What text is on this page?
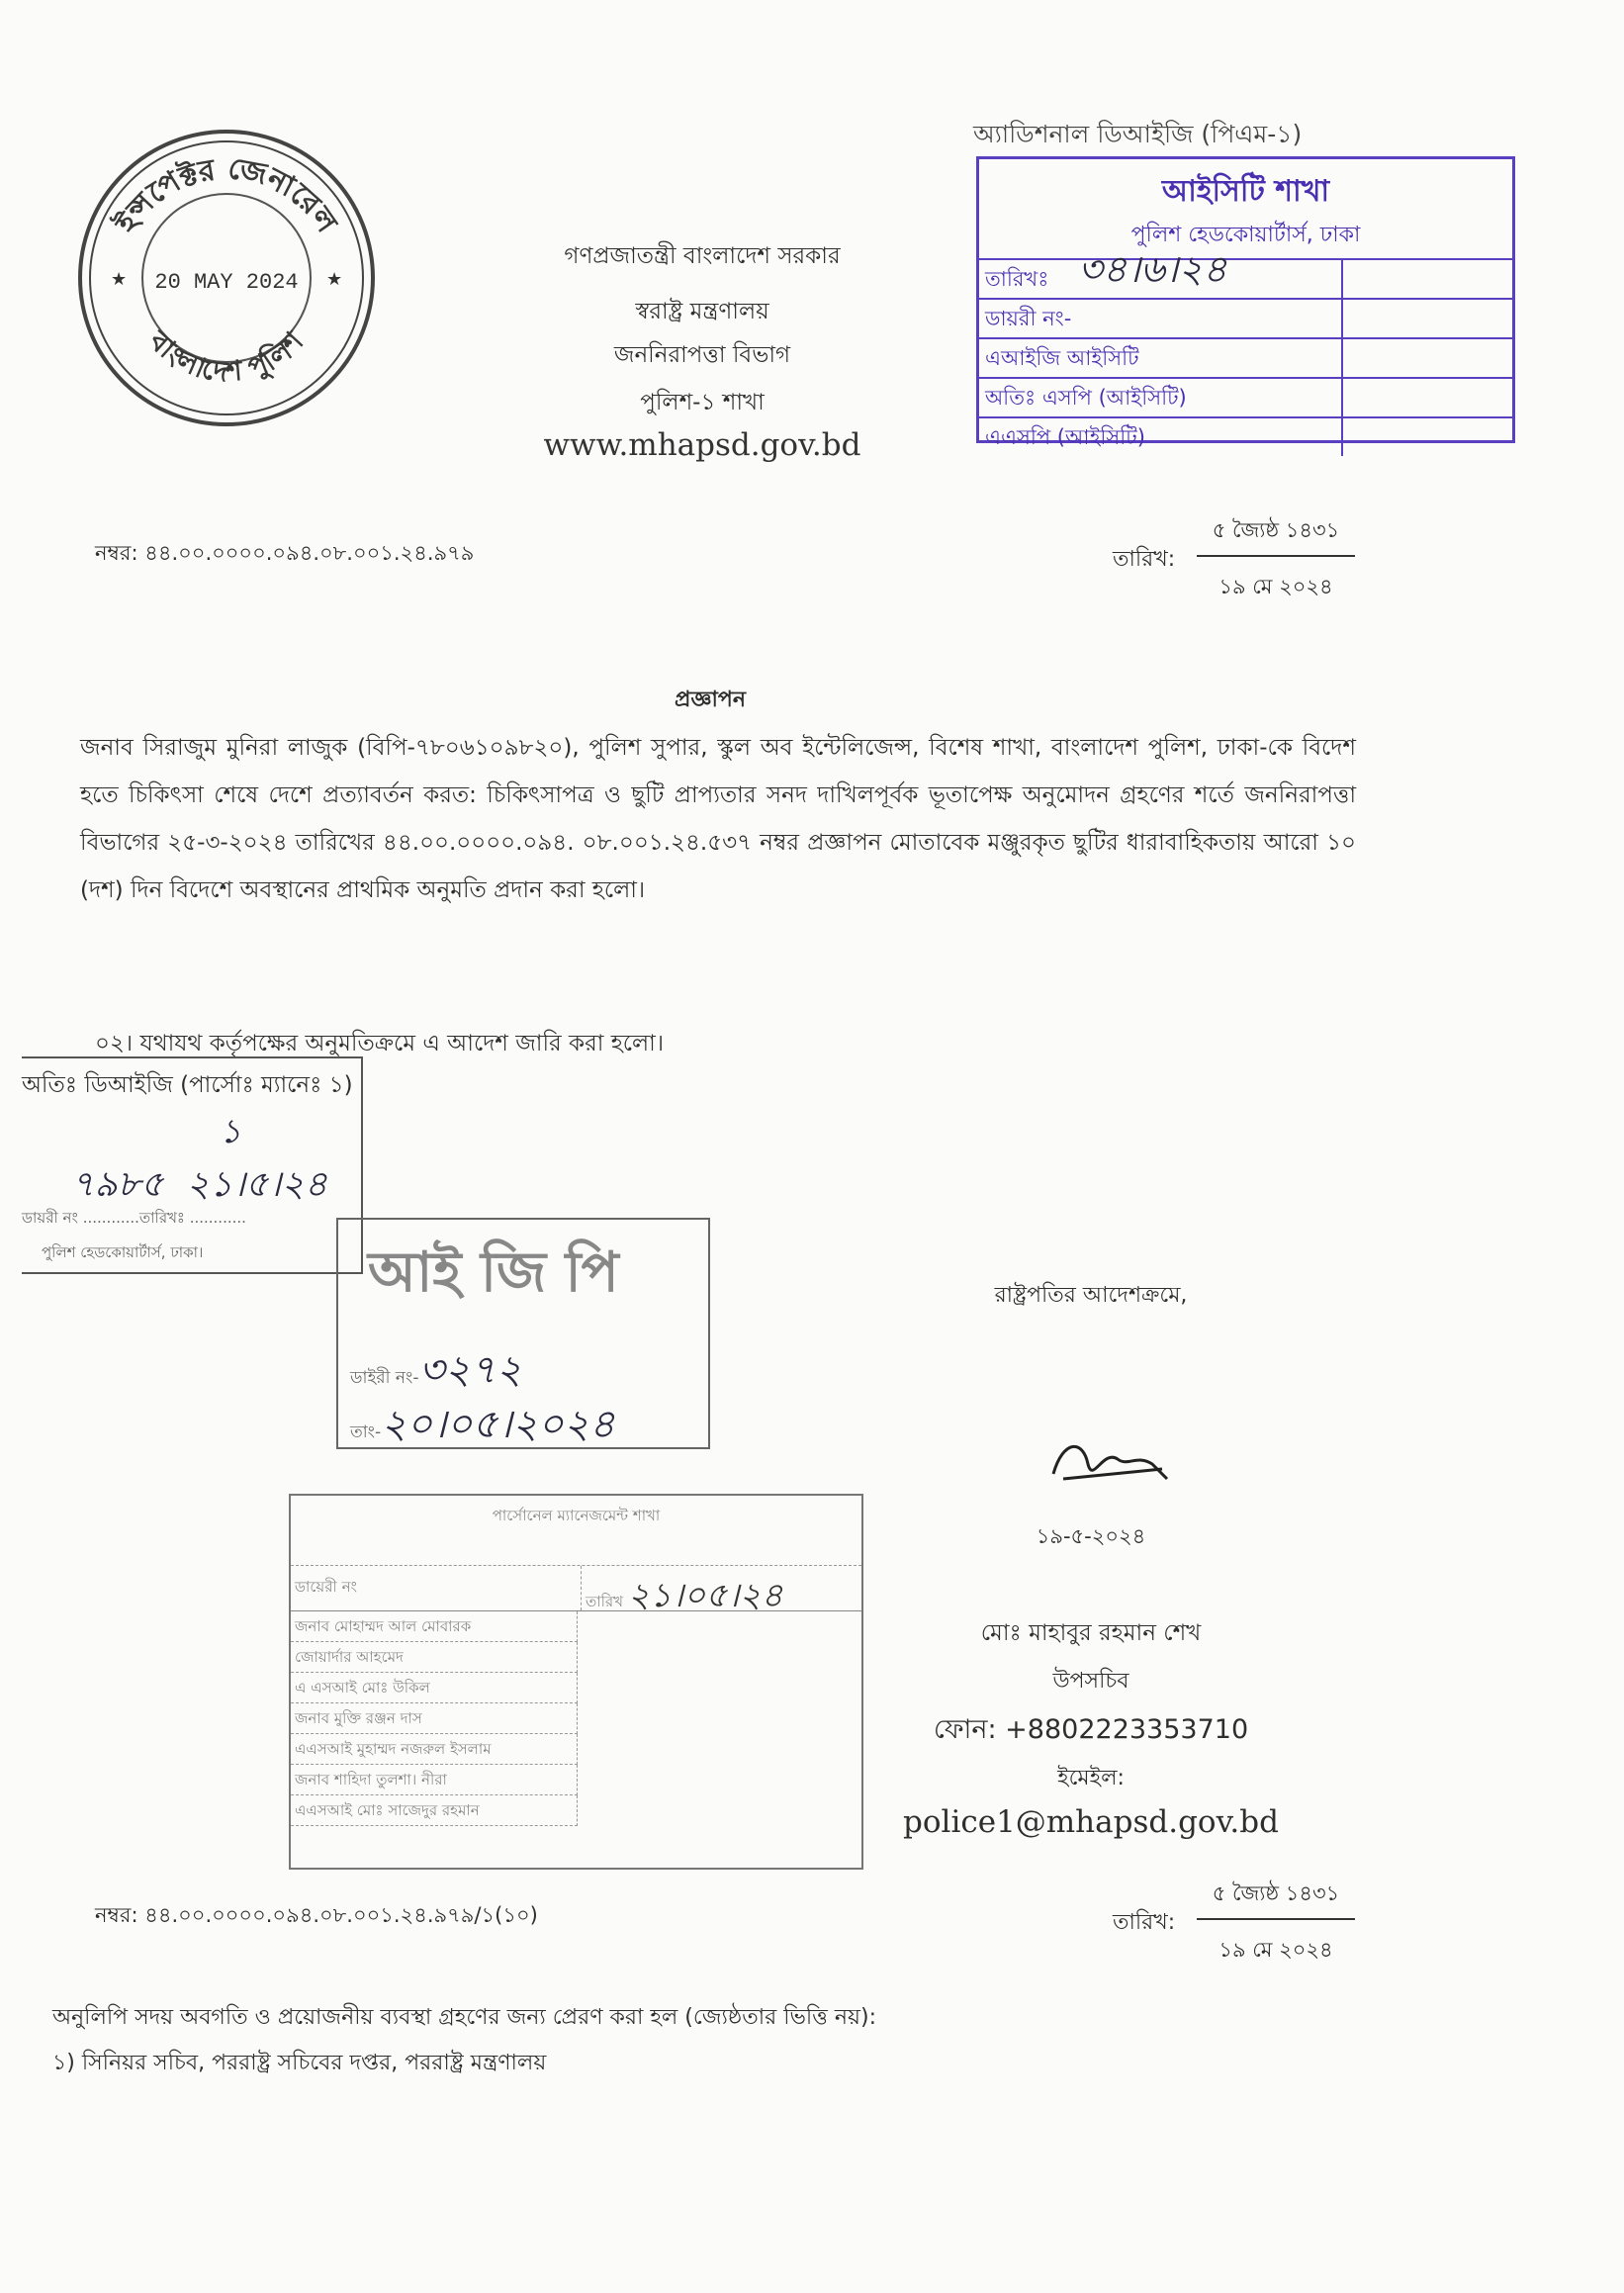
ইন্সপেক্টর জেনারেল
বাংলাদেশ পুলিশ
20 MAY 2024
★	★
গণপ্রজাতন্ত্রী বাংলাদেশ সরকার
স্বরাষ্ট্র মন্ত্রণালয়
জননিরাপত্তা বিভাগ
পুলিশ-১ শাখা
www.mhapsd.gov.bd
অ্যাডিশনাল ডিআইজি (পিএম-১)
আইসিটি শাখা
পুলিশ হেডকোয়ার্টার্স, ঢাকা
তারিখঃ ৩৪।৬।২৪
ডায়রী নং-
এআইজি আইসিটি
অতিঃ এসপি (আইসিটি)
এএসপি (আইসিটি)
নম্বর: ৪৪.০০.০০০০.০৯৪.০৮.০০১.২৪.৯৭৯	তারিখ:
৫ জ্যৈষ্ঠ ১৪৩১
১৯ মে ২০২৪
প্রজ্ঞাপন
জনাব সিরাজুম মুনিরা লাজুক (বিপি-৭৮০৬১০৯৮২০), পুলিশ সুপার, স্কুল অব ইন্টেলিজেন্স, বিশেষ শাখা, বাংলাদেশ পুলিশ, ঢাকা-কে বিদেশ হতে চিকিৎসা শেষে দেশে প্রত্যাবর্তন করত: চিকিৎসাপত্র ও ছুটি প্রাপ্যতার সনদ দাখিলপূর্বক ভূতাপেক্ষ অনুমোদন গ্রহণের শর্তে জননিরাপত্তা বিভাগের ২৫-৩-২০২৪ তারিখের ৪৪.০০.০০০০.০৯৪. ০৮.০০১.২৪.৫৩৭ নম্বর প্রজ্ঞাপন মোতাবেক মঞ্জুরকৃত ছুটির ধারাবাহিকতায় আরো ১০ (দশ) দিন বিদেশে অবস্থানের প্রাথমিক অনুমতি প্রদান করা হলো।
০২। যথাযথ কর্তৃপক্ষের অনুমতিক্রমে এ আদেশ জারি করা হলো।
অতিঃ ডিআইজি (পার্সোঃ ম্যানেঃ ১)
১
৭৯৮৫  ২১।৫।২৪
ডায়রী নং ............তারিখঃ ............
পুলিশ হেডকোয়ার্টার্স, ঢাকা।	আই জি পি
ডাইরী নং-৩২৭২
তাং-২০।০৫।২০২৪
পার্সোনেল ম্যানেজমেন্ট শাখা
ডায়েরী নং
তারিখ ২১।০৫।২৪
জনাব মোহাম্মদ আল মোবারক
জোয়ার্দার আহমেদ
এ এসআই মোঃ উকিল
জনাব মুক্তি রঞ্জন দাস
এএসআই মুহাম্মদ নজরুল ইসলাম
জনাব শাহিদা তুলশা। নীরা
এএসআই মোঃ সাজেদুর রহমান
রাষ্ট্রপতির আদেশক্রমে,
১৯-৫-২০২৪
মোঃ মাহাবুর রহমান শেখ
উপসচিব
ফোন: +8802223353710
ইমেইল:
police1@mhapsd.gov.bd
নম্বর: ৪৪.০০.০০০০.০৯৪.০৮.০০১.২৪.৯৭৯/১(১০)	তারিখ:
৫ জ্যৈষ্ঠ ১৪৩১
১৯ মে ২০২৪
অনুলিপি সদয় অবগতি ও প্রয়োজনীয় ব্যবস্থা গ্রহণের জন্য প্রেরণ করা হল (জ্যেষ্ঠতার ভিত্তি নয়):
১) সিনিয়র সচিব, পররাষ্ট্র সচিবের দপ্তর, পররাষ্ট্র মন্ত্রণালয়
